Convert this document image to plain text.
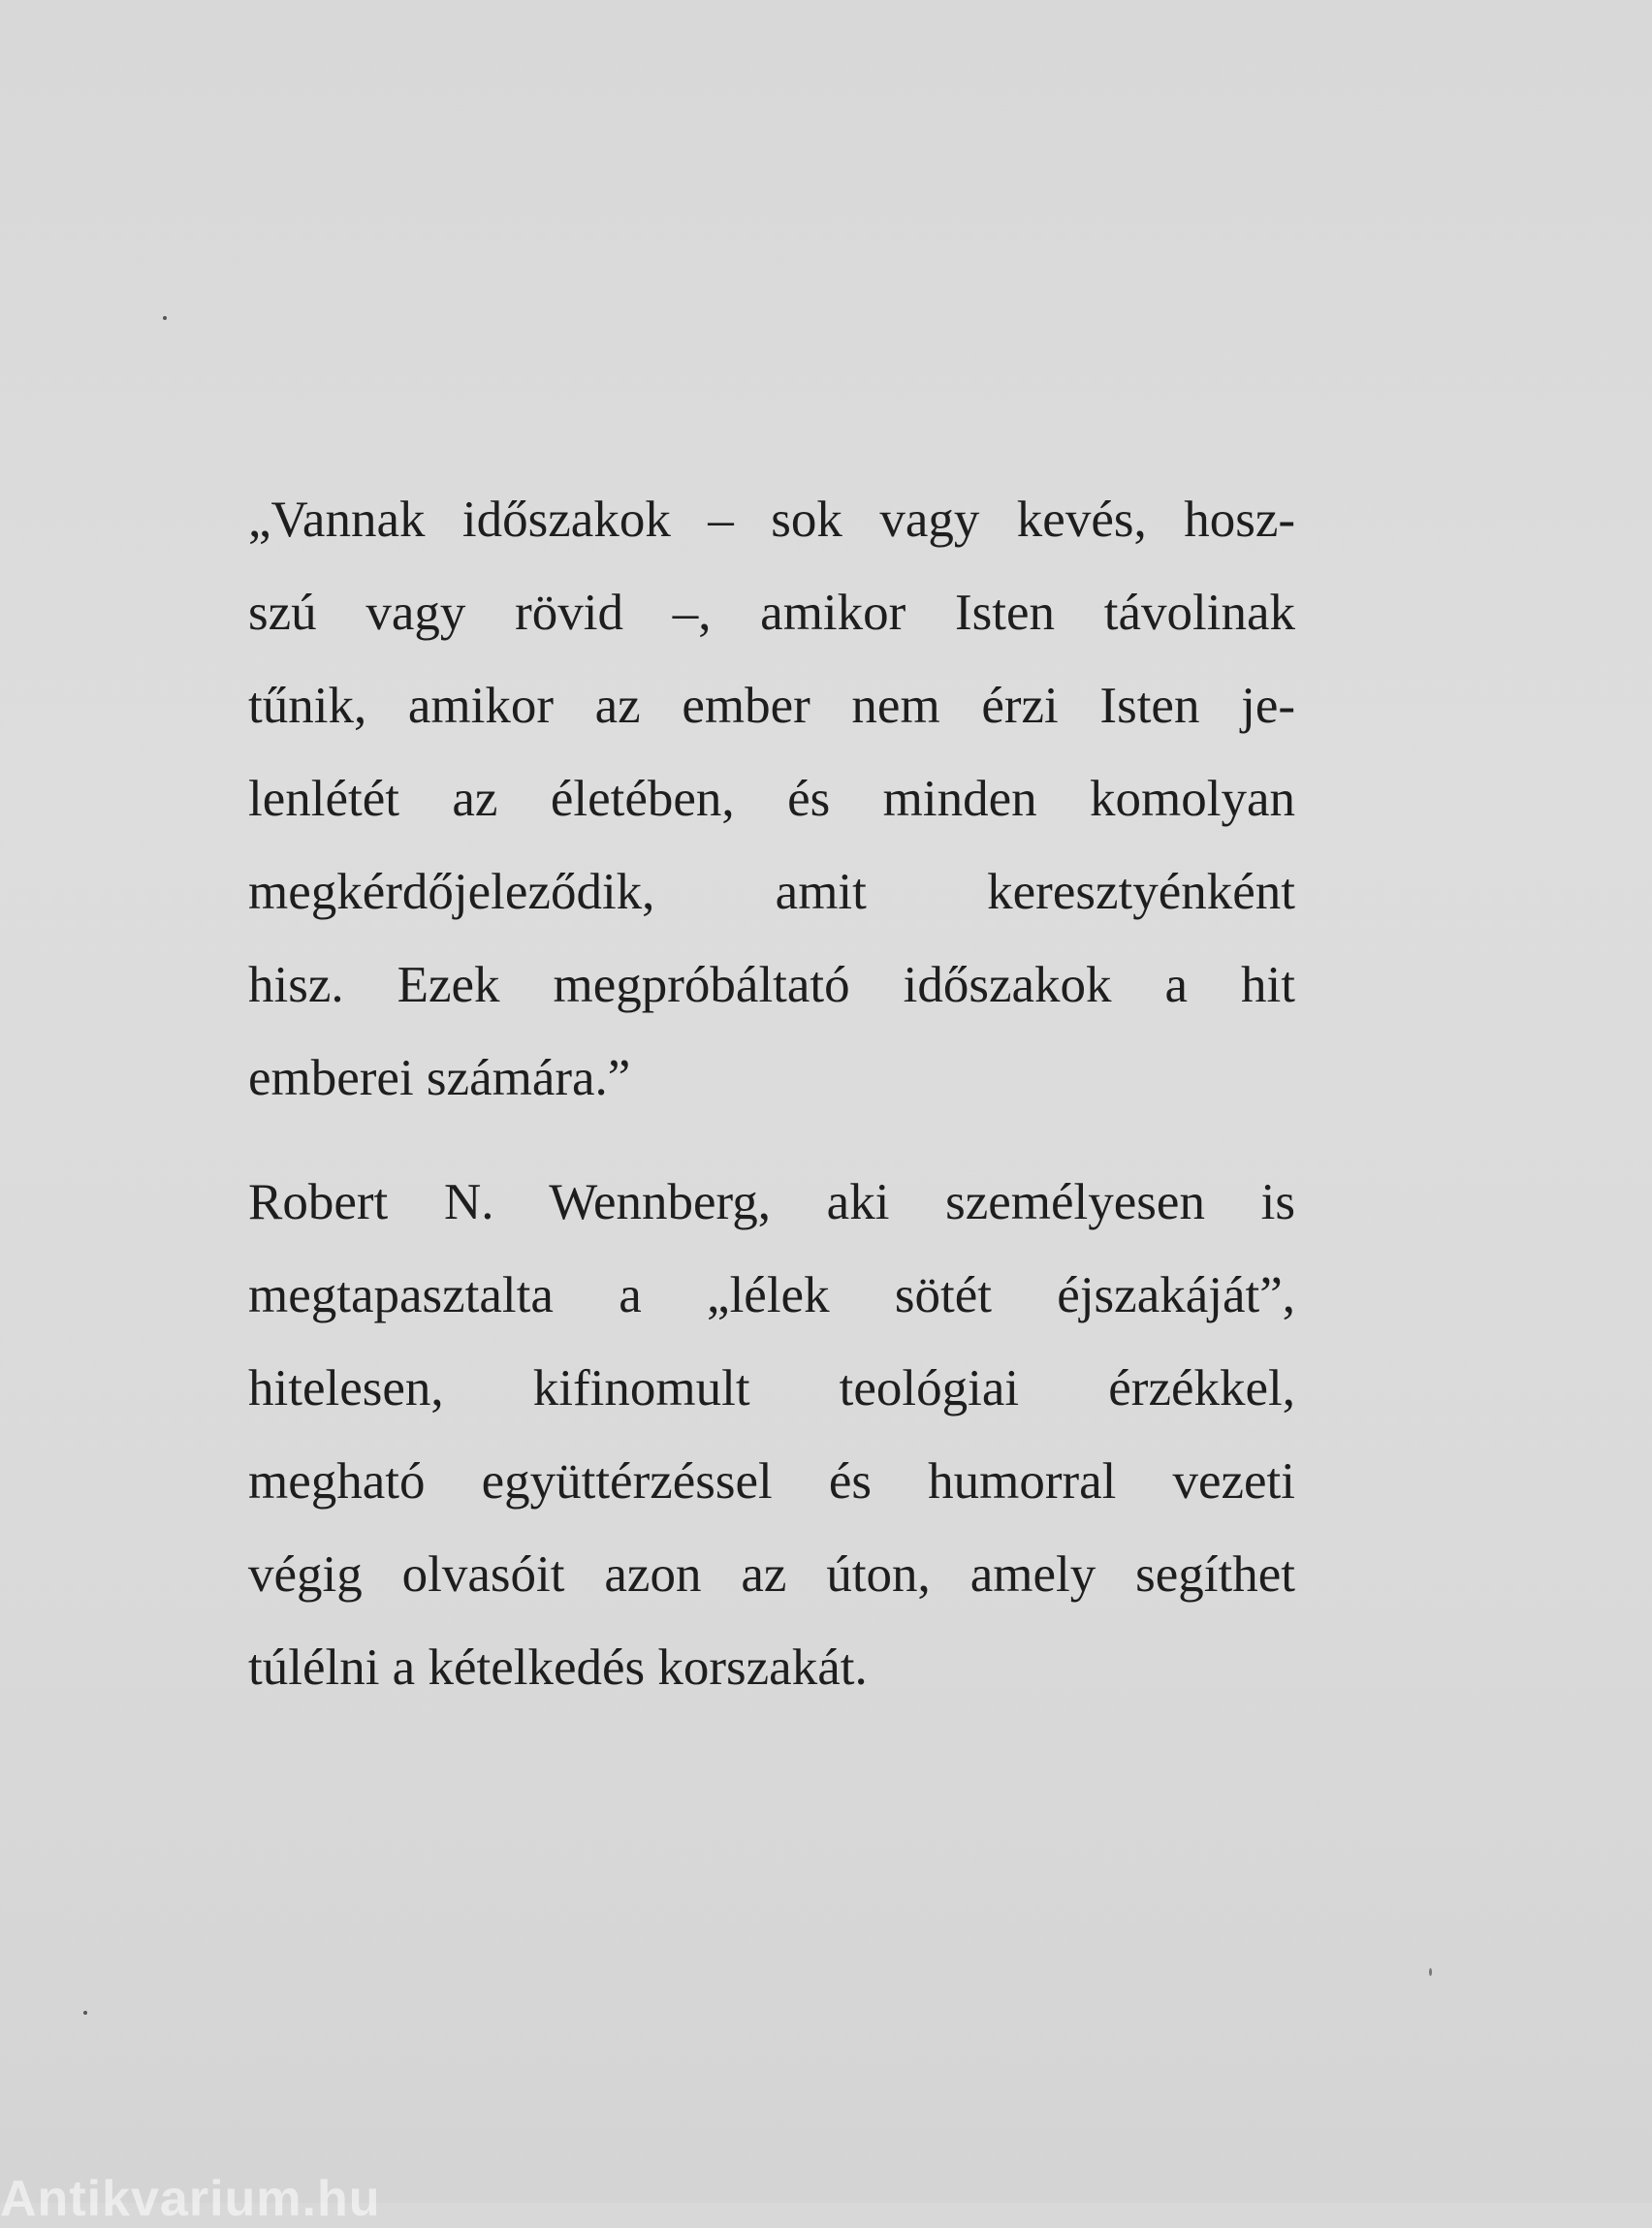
„Vannak időszakok – sok vagy kevés, hosz-
szú vagy rövid –, amikor Isten távolinak
tűnik, amikor az ember nem érzi Isten je-
lenlétét az életében, és minden komolyan
megkérdőjeleződik, amit keresztyénként
hisz. Ezek megpróbáltató időszakok a hit
emberei számára.”
Robert N. Wennberg, aki személyesen is
megtapasztalta a „lélek sötét éjszakáját”,
hitelesen, kifinomult teológiai érzékkel,
megható együttérzéssel és humorral vezeti
végig olvasóit azon az úton, amely segíthet
túlélni a kételkedés korszakát.
Antikvarium.hu
